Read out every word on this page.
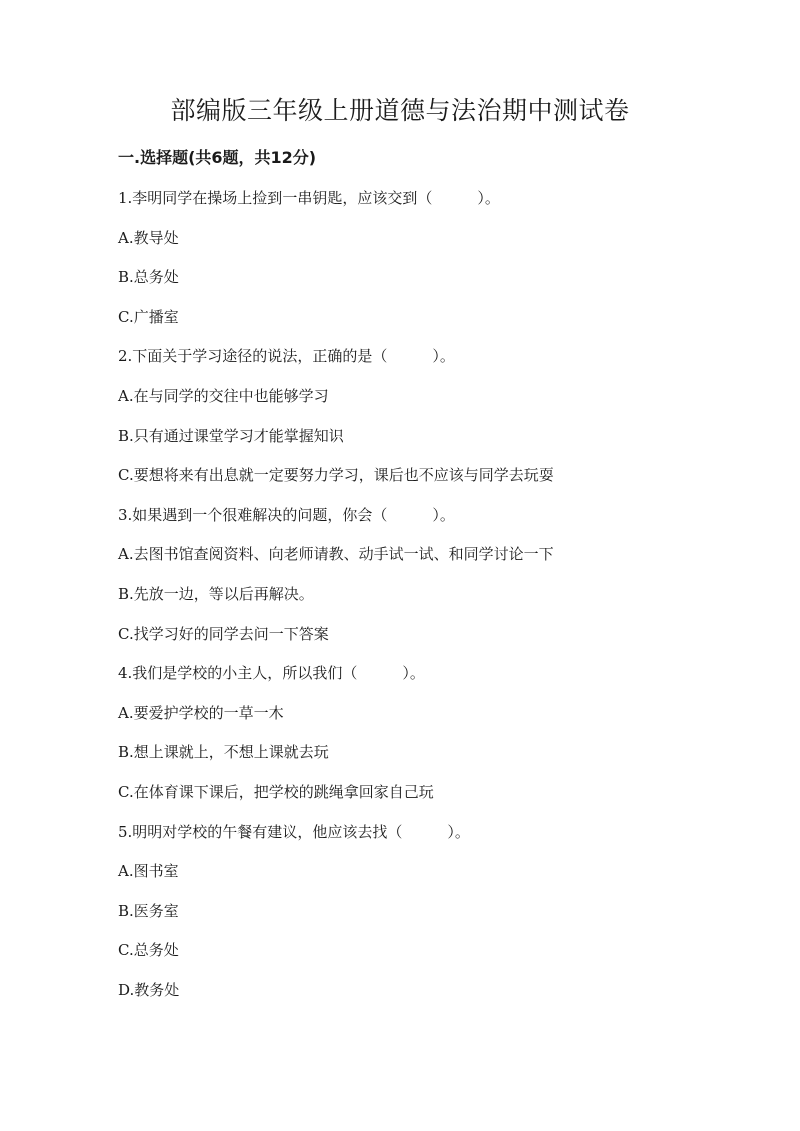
部编版三年级上册道德与法治期中测试卷
一.选择题(共6题，共12分)
1.李明同学在操场上捡到一串钥匙，应该交到（　　　）。
A.教导处
B.总务处
C.广播室
2.下面关于学习途径的说法，正确的是（　　　）。
A.在与同学的交往中也能够学习
B.只有通过课堂学习才能掌握知识
C.要想将来有出息就一定要努力学习，课后也不应该与同学去玩耍
3.如果遇到一个很难解决的问题，你会（　　　）。
A.去图书馆查阅资料、向老师请教、动手试一试、和同学讨论一下
B.先放一边，等以后再解决。
C.找学习好的同学去问一下答案
4.我们是学校的小主人，所以我们（　　　）。
A.要爱护学校的一草一木
B.想上课就上，不想上课就去玩
C.在体育课下课后，把学校的跳绳拿回家自己玩
5.明明对学校的午餐有建议，他应该去找（　　　）。
A.图书室
B.医务室
C.总务处
D.教务处
